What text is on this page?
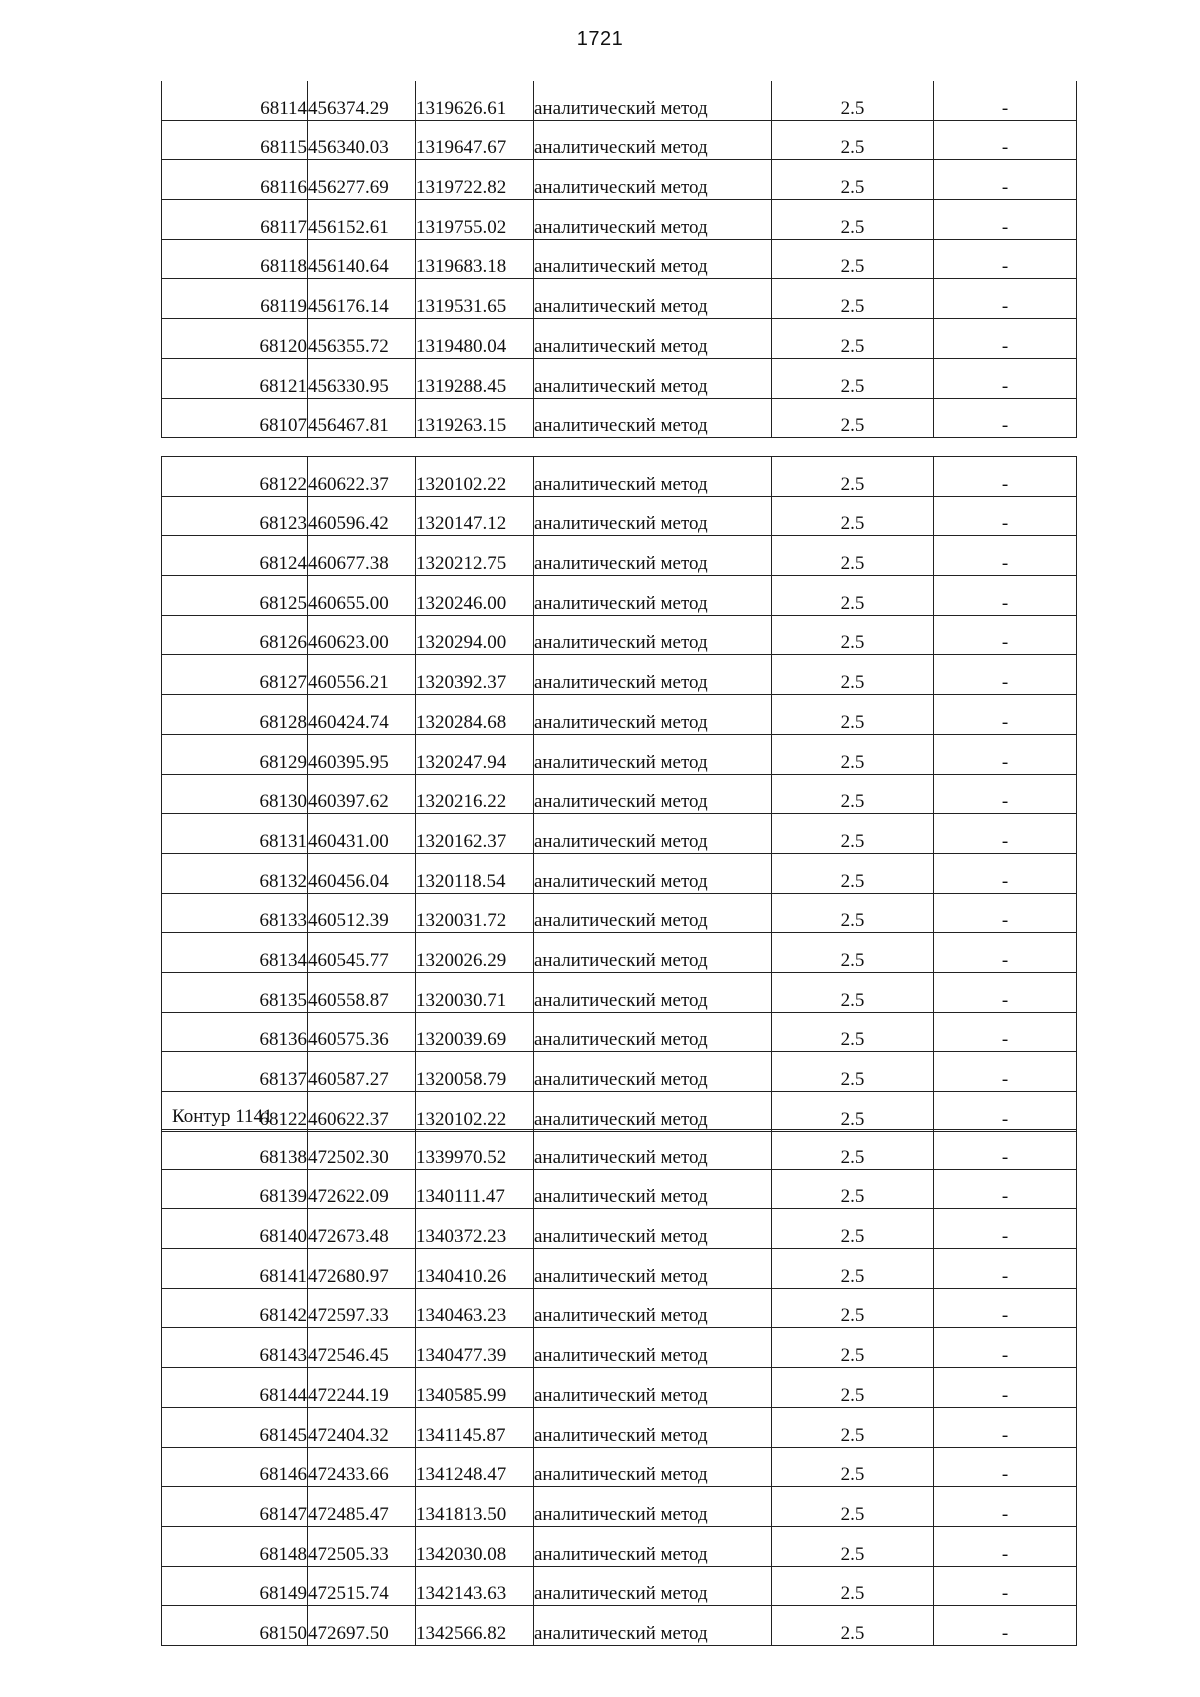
1721
68114	456374.29	1319626.61	аналитический метод	2.5	-
68115	456340.03	1319647.67	аналитический метод	2.5	-
68116	456277.69	1319722.82	аналитический метод	2.5	-
68117	456152.61	1319755.02	аналитический метод	2.5	-
68118	456140.64	1319683.18	аналитический метод	2.5	-
68119	456176.14	1319531.65	аналитический метод	2.5	-
68120	456355.72	1319480.04	аналитический метод	2.5	-
68121	456330.95	1319288.45	аналитический метод	2.5	-
68107	456467.81	1319263.15	аналитический метод	2.5	-
68122	460622.37	1320102.22	аналитический метод	2.5	-
68123	460596.42	1320147.12	аналитический метод	2.5	-
68124	460677.38	1320212.75	аналитический метод	2.5	-
68125	460655.00	1320246.00	аналитический метод	2.5	-
68126	460623.00	1320294.00	аналитический метод	2.5	-
68127	460556.21	1320392.37	аналитический метод	2.5	-
68128	460424.74	1320284.68	аналитический метод	2.5	-
68129	460395.95	1320247.94	аналитический метод	2.5	-
68130	460397.62	1320216.22	аналитический метод	2.5	-
68131	460431.00	1320162.37	аналитический метод	2.5	-
68132	460456.04	1320118.54	аналитический метод	2.5	-
68133	460512.39	1320031.72	аналитический метод	2.5	-
68134	460545.77	1320026.29	аналитический метод	2.5	-
68135	460558.87	1320030.71	аналитический метод	2.5	-
68136	460575.36	1320039.69	аналитический метод	2.5	-
68137	460587.27	1320058.79	аналитический метод	2.5	-
68122	460622.37	1320102.22	аналитический метод	2.5	-
Контур 1141
68138	472502.30	1339970.52	аналитический метод	2.5	-
68139	472622.09	1340111.47	аналитический метод	2.5	-
68140	472673.48	1340372.23	аналитический метод	2.5	-
68141	472680.97	1340410.26	аналитический метод	2.5	-
68142	472597.33	1340463.23	аналитический метод	2.5	-
68143	472546.45	1340477.39	аналитический метод	2.5	-
68144	472244.19	1340585.99	аналитический метод	2.5	-
68145	472404.32	1341145.87	аналитический метод	2.5	-
68146	472433.66	1341248.47	аналитический метод	2.5	-
68147	472485.47	1341813.50	аналитический метод	2.5	-
68148	472505.33	1342030.08	аналитический метод	2.5	-
68149	472515.74	1342143.63	аналитический метод	2.5	-
68150	472697.50	1342566.82	аналитический метод	2.5	-
